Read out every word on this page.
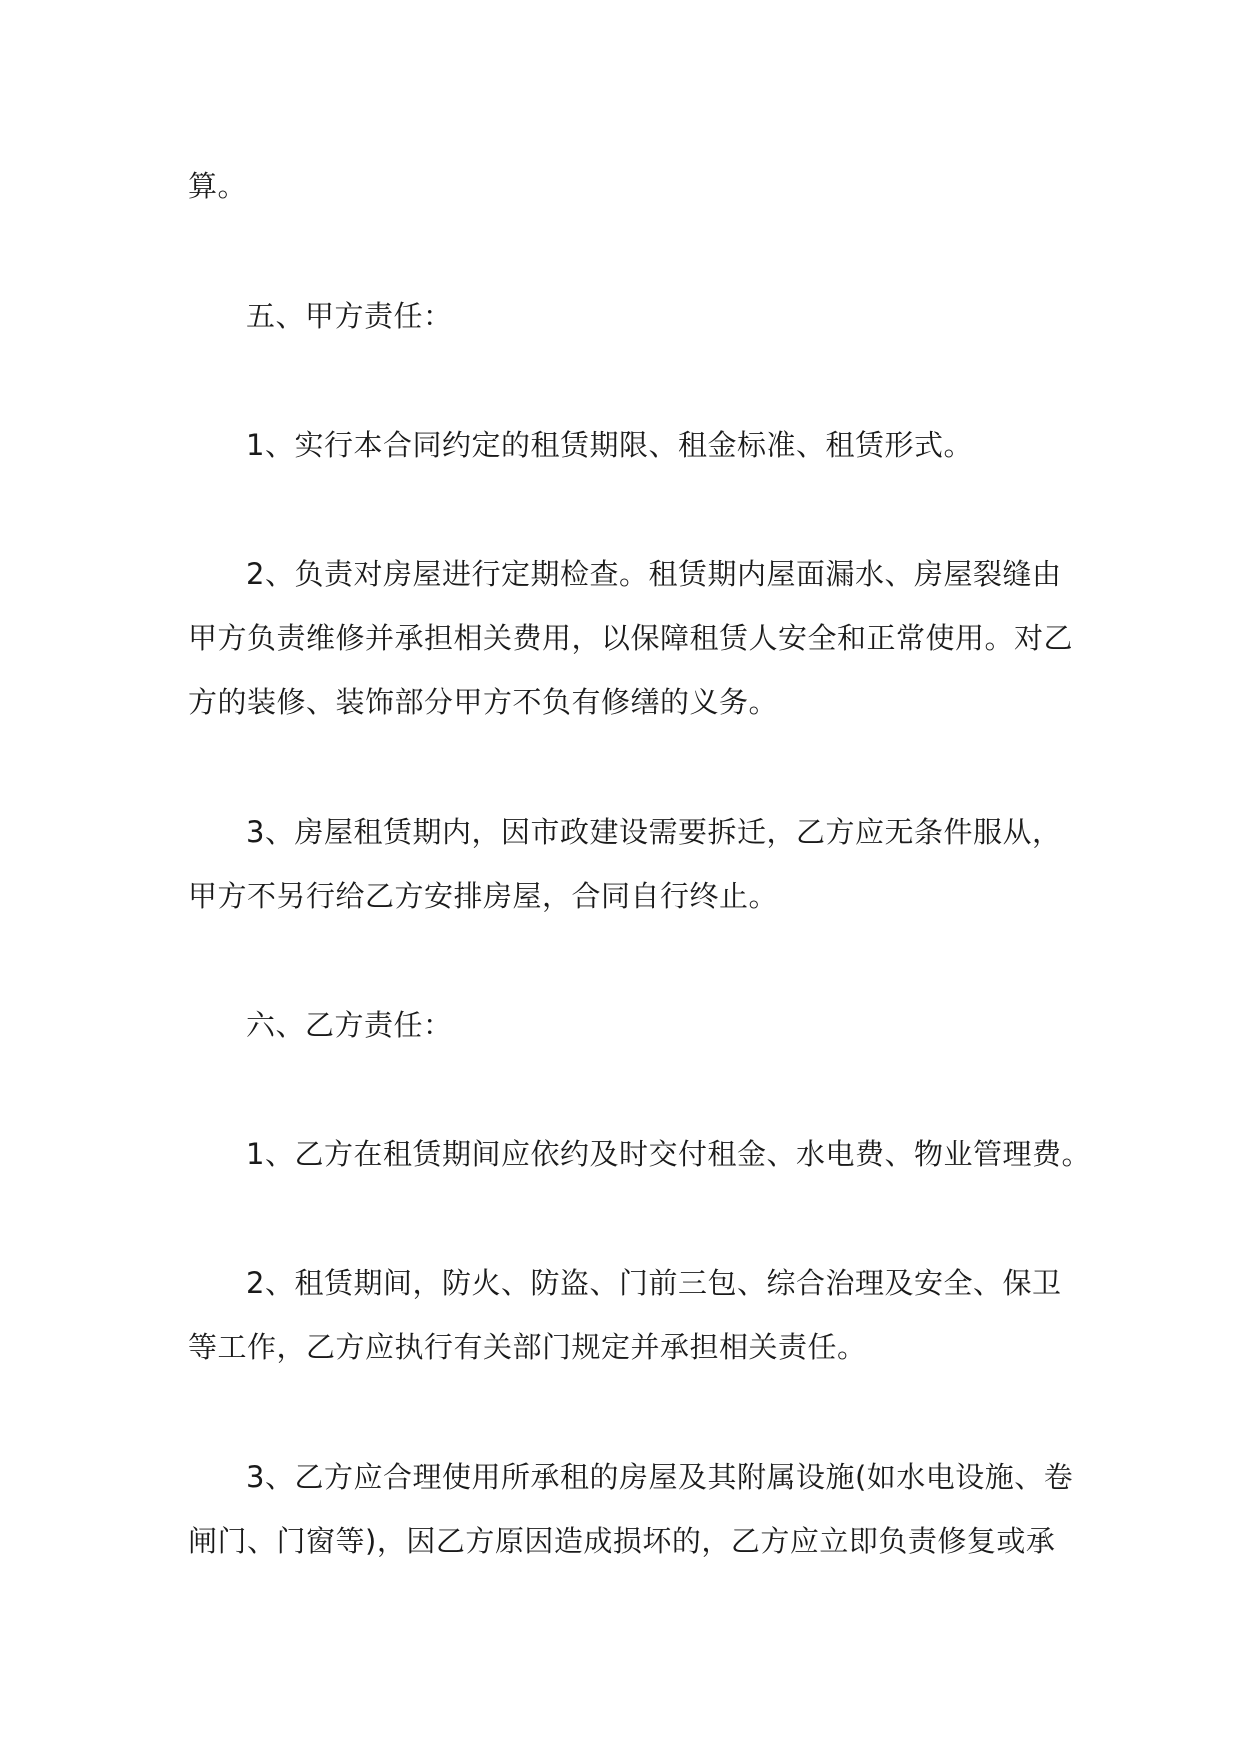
算。
五、甲方责任：
1、实行本合同约定的租赁期限、租金标准、租赁形式。
2、负责对房屋进行定期检查。租赁期内屋面漏水、房屋裂缝由
甲方负责维修并承担相关费用，以保障租赁人安全和正常使用。对乙
方的装修、装饰部分甲方不负有修缮的义务。
3、房屋租赁期内，因市政建设需要拆迁，乙方应无条件服从，
甲方不另行给乙方安排房屋，合同自行终止。
六、乙方责任：
1、乙方在租赁期间应依约及时交付租金、水电费、物业管理费。
2、租赁期间，防火、防盗、门前三包、综合治理及安全、保卫
等工作，乙方应执行有关部门规定并承担相关责任。
3、乙方应合理使用所承租的房屋及其附属设施(如水电设施、卷
闸门、门窗等)，因乙方原因造成损坏的，乙方应立即负责修复或承
